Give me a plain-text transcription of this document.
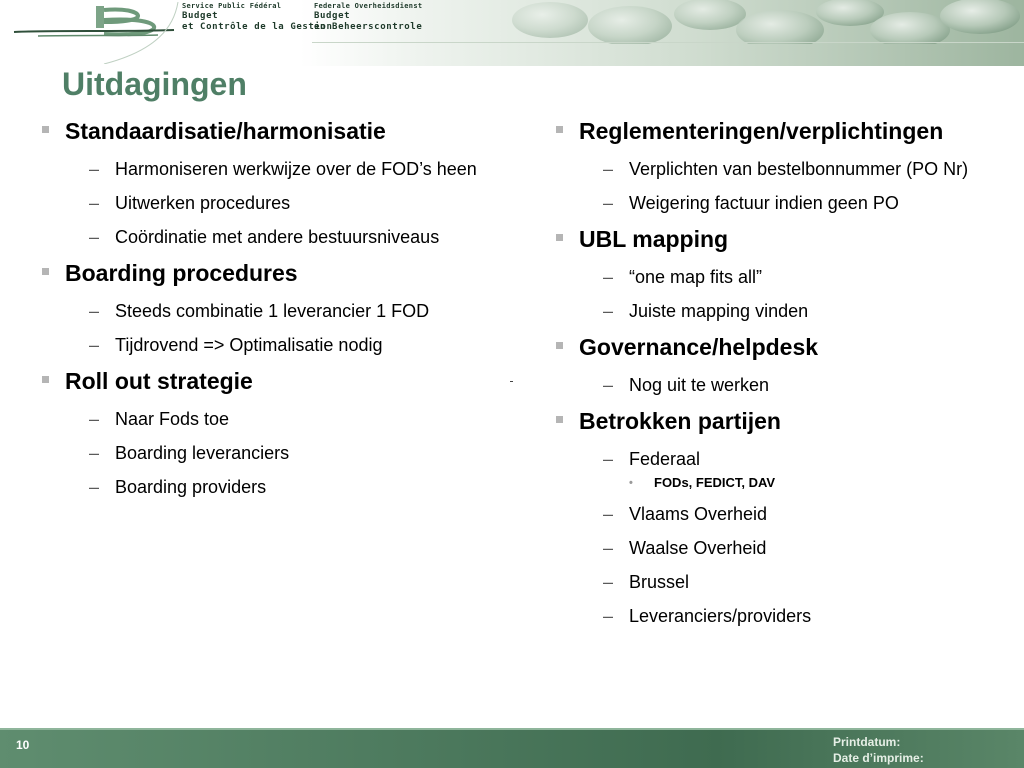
Service Public Fédéral
Budget
et Contrôle de la Gestion
Federale Overheidsdienst
Budget
en Beheerscontrole
Uitdagingen
Standaardisatie/harmonisatie
– Harmoniseren werkwijze over de FOD’s heen
– Uitwerken procedures
– Coördinatie met andere bestuursniveaus
Boarding procedures
– Steeds combinatie 1 leverancier 1 FOD
– Tijdrovend => Optimalisatie nodig
Roll out strategie
– Naar Fods toe
– Boarding leveranciers
– Boarding providers
Reglementeringen/verplichtingen
– Verplichten van bestelbonnummer (PO Nr)
– Weigering factuur indien geen PO
UBL mapping
– “one map fits all”
– Juiste mapping vinden
Governance/helpdesk
– Nog uit te werken
Betrokken partijen
– Federaal
• FODs, FEDICT, DAV
– Vlaams Overheid
– Waalse Overheid
– Brussel
– Leveranciers/providers
10	Printdatum:
Date d’imprime:
